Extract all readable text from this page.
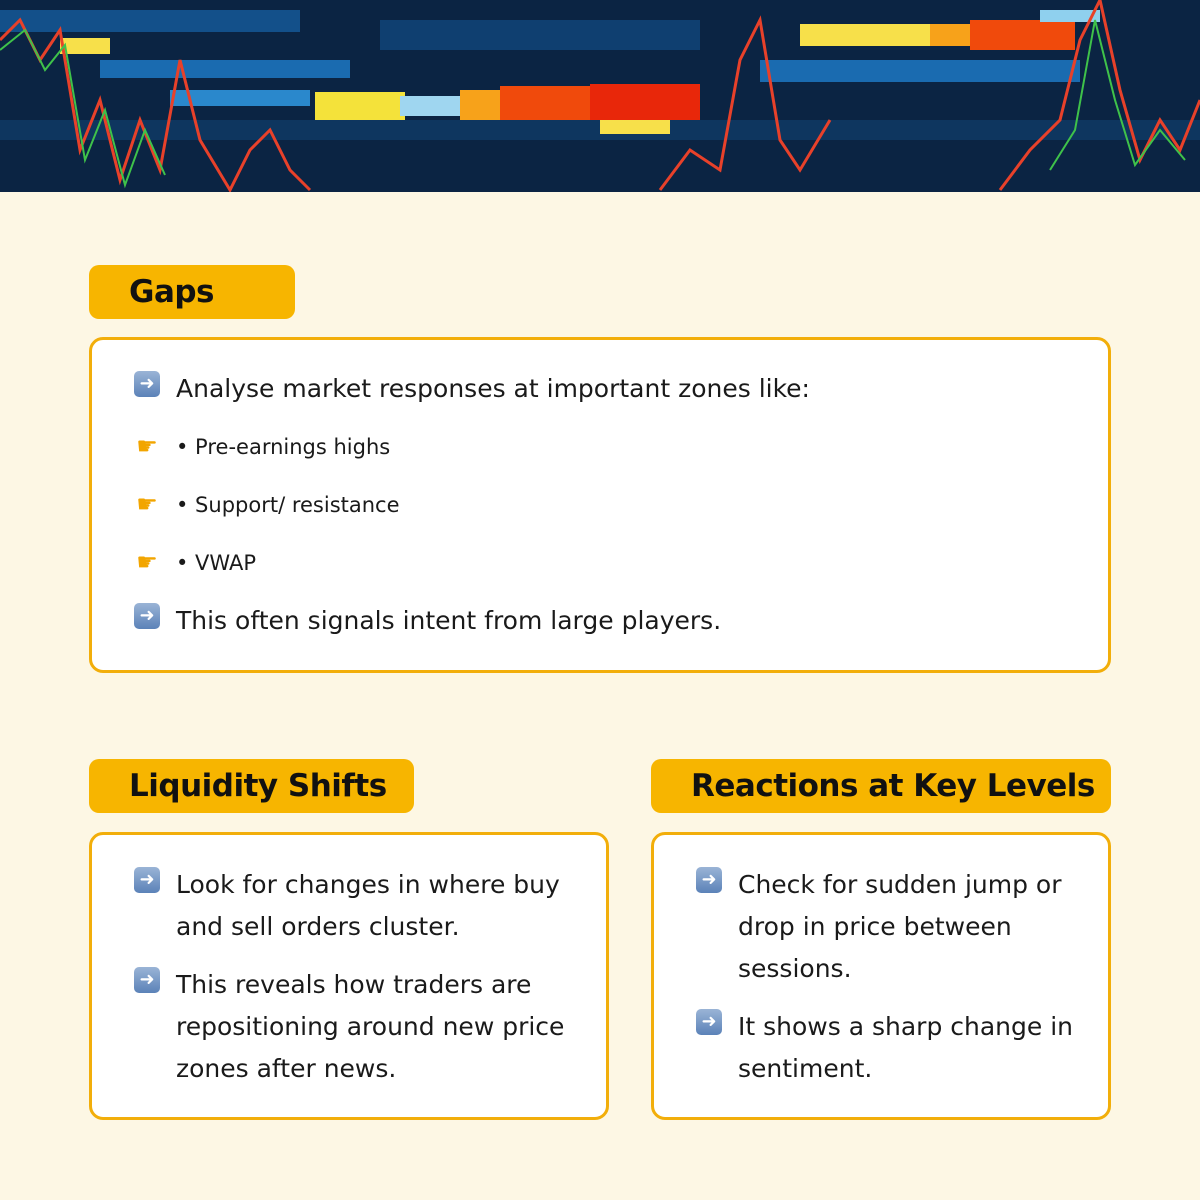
Gaps
➜ Analyse market responses at important zones like:
☛ • Pre-earnings highs
☛ • Support/ resistance
☛ • VWAP
➜ This often signals intent from large players.
Liquidity Shifts
➜ Look for changes in where buy and sell orders cluster.
➜ This reveals how traders are repositioning around new price zones after news.
Reactions at Key Levels
➜ Check for sudden jump or drop in price between sessions.
➜ It shows a sharp change in sentiment.
